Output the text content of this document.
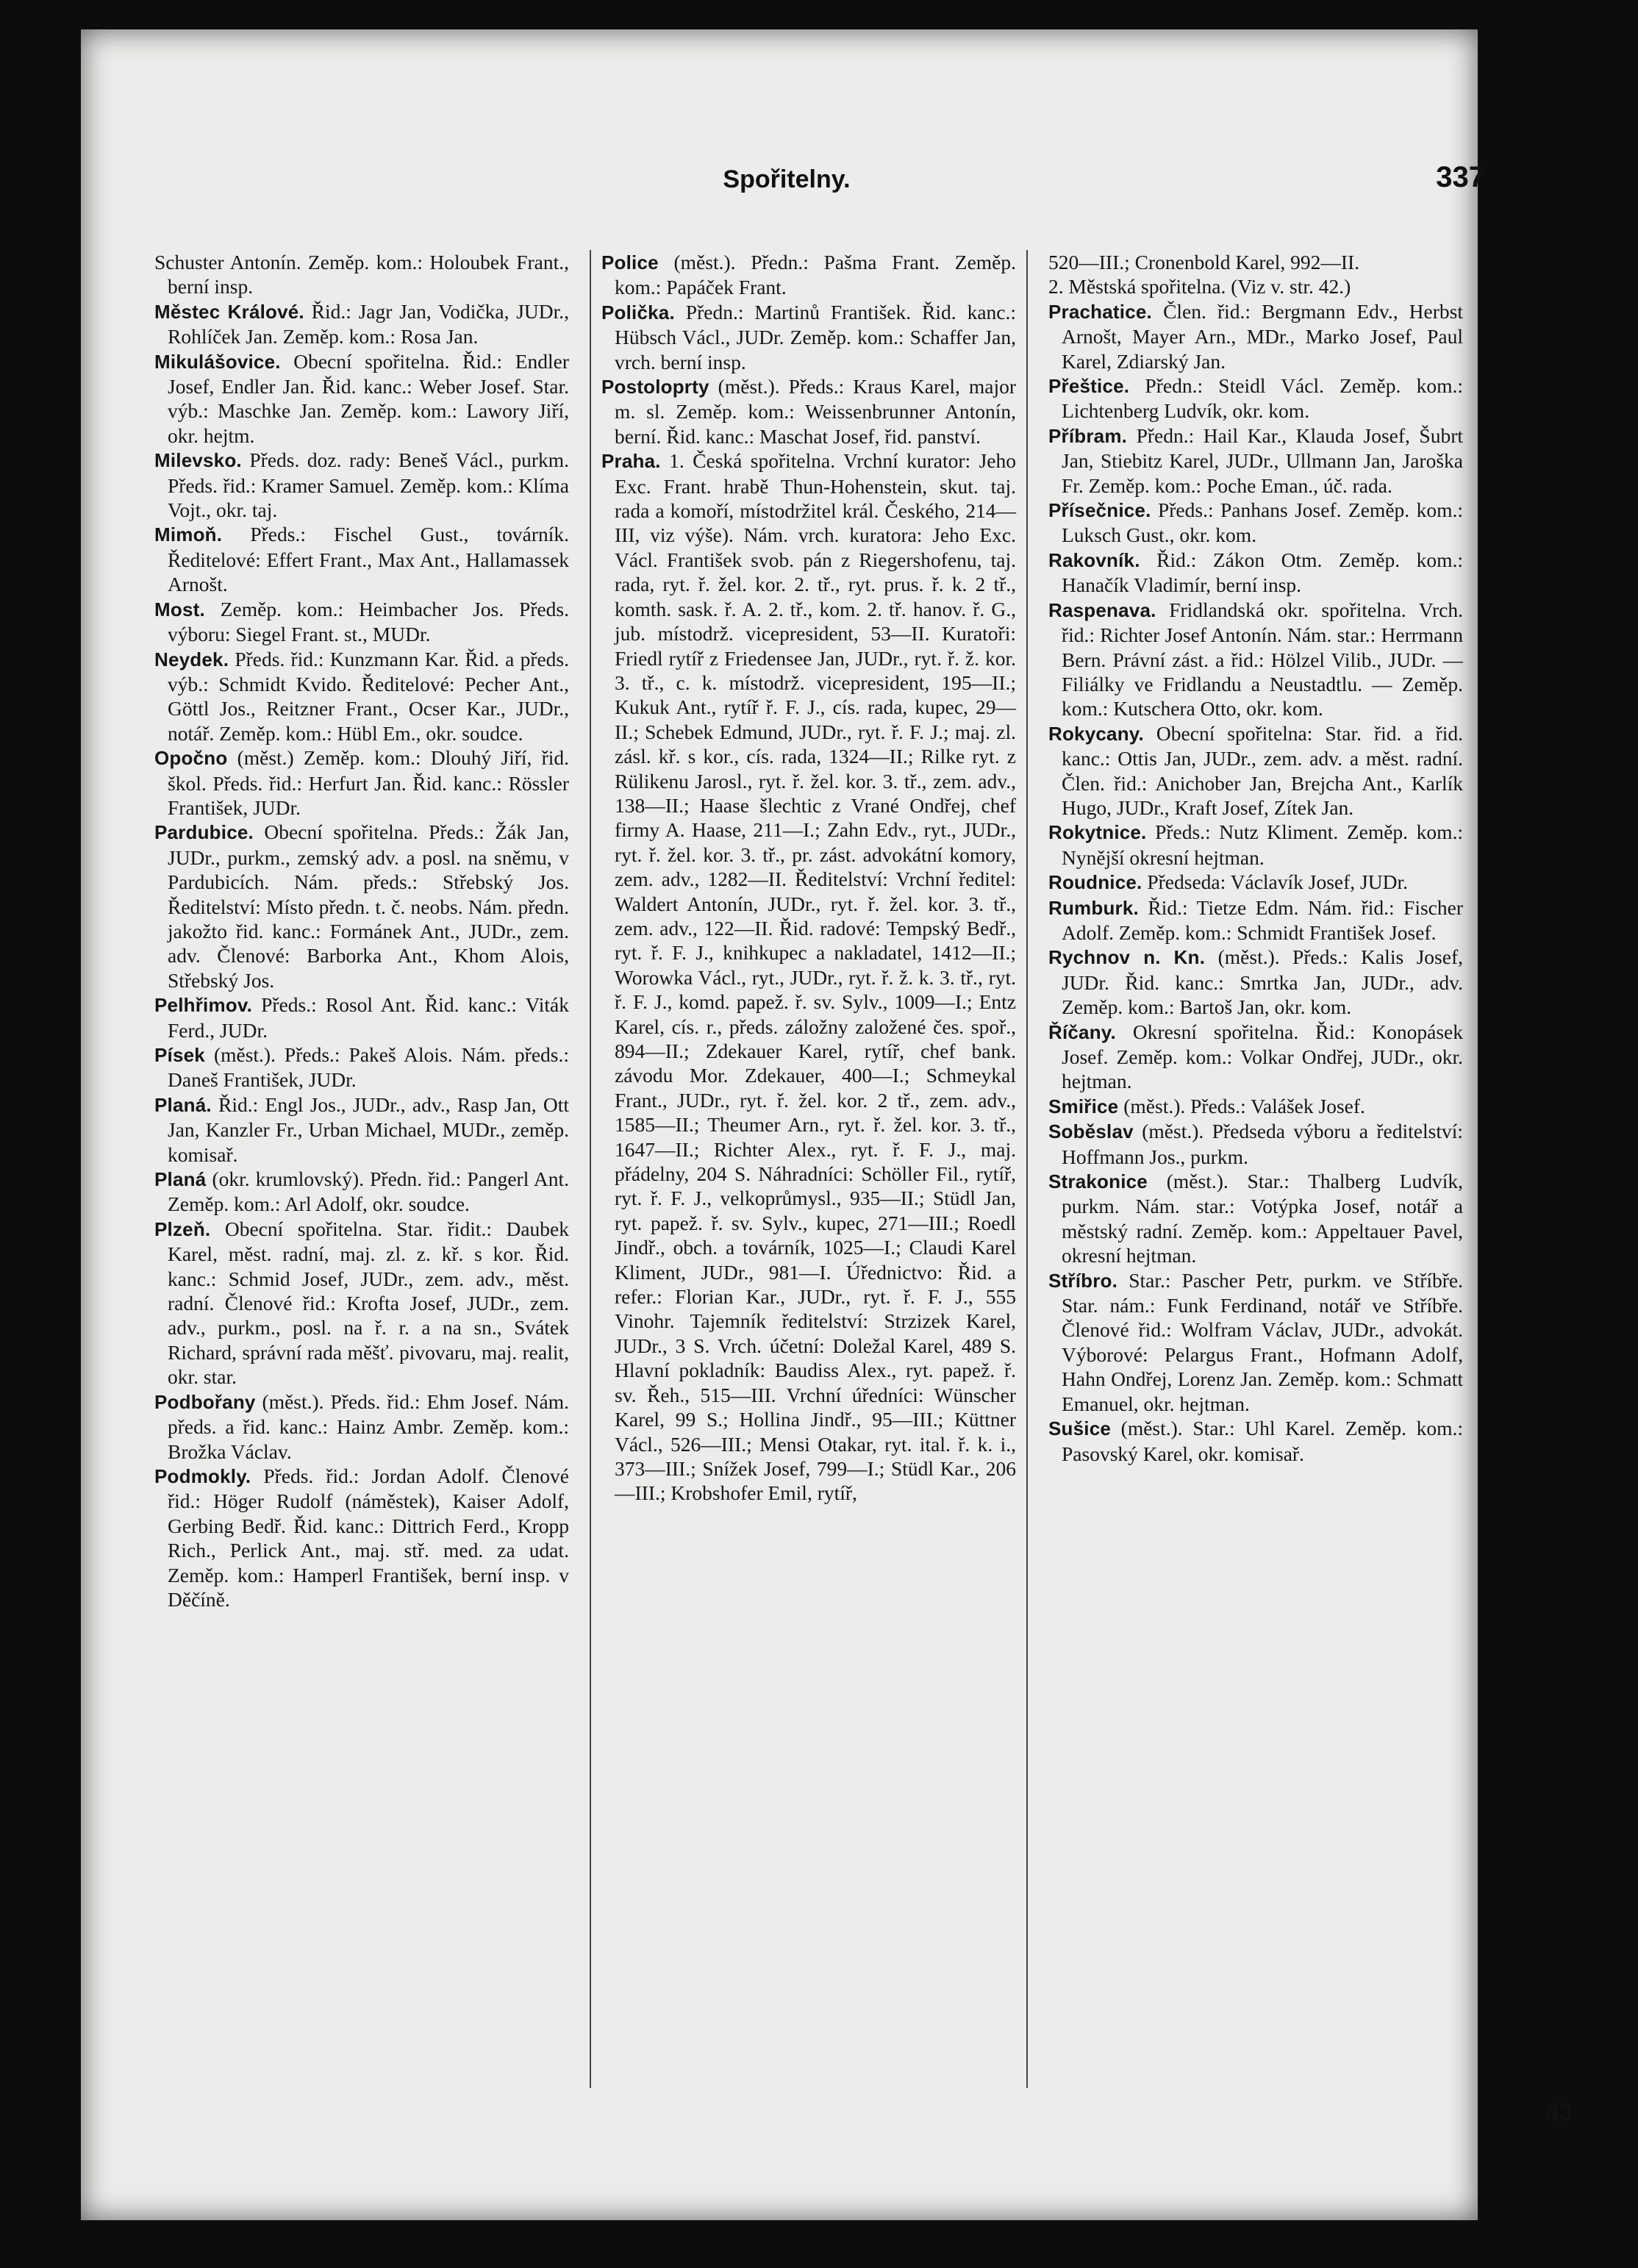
Spořitelny.	337

Schuster Antonín. Zeměp. kom.: Holoubek Frant., berní insp.

Městec Králové. Řid.: Jagr Jan, Vodička, JUDr., Rohlíček Jan. Zeměp. kom.: Rosa Jan.

Mikulášovice. Obecní spořitelna. Řid.: Endler Josef, Endler Jan. Řid. kanc.: Weber Josef. Star. výb.: Maschke Jan. Zeměp. kom.: Lawory Jiří, okr. hejtm.

Milevsko. Předs. doz. rady: Beneš Václ., purkm. Předs. řid.: Kramer Samuel. Zeměp. kom.: Klíma Vojt., okr. taj.

Mimoň. Předs.: Fischel Gust., továrník. Ředitelové: Effert Frant., Max Ant., Hallamassek Arnošt.

Most. Zeměp. kom.: Heimbacher Jos. Předs. výboru: Siegel Frant. st., MUDr.

Neydek. Předs. řid.: Kunzmann Kar. Řid. a předs. výb.: Schmidt Kvido. Ředitelové: Pecher Ant., Göttl Jos., Reitzner Frant., Ocser Kar., JUDr., notář. Zeměp. kom.: Hübl Em., okr. soudce.

Opočno (měst.) Zeměp. kom.: Dlouhý Jiří, řid. škol. Předs. řid.: Herfurt Jan. Řid. kanc.: Rössler František, JUDr.

Pardubice. Obecní spořitelna. Předs.: Žák Jan, JUDr., purkm., zemský adv. a posl. na sněmu, v Pardubicích. Nám. předs.: Střebský Jos. Ředitelství: Místo předn. t. č. neobs. Nám. předn. jakožto řid. kanc.: Formánek Ant., JUDr., zem. adv. Členové: Barborka Ant., Khom Alois, Střebský Jos.

Pelhřimov. Předs.: Rosol Ant. Řid. kanc.: Viták Ferd., JUDr.

Písek (měst.). Předs.: Pakeš Alois. Nám. předs.: Daneš František, JUDr.

Planá. Řid.: Engl Jos., JUDr., adv., Rasp Jan, Ott Jan, Kanzler Fr., Urban Michael, MUDr., zeměp. komisař.

Planá (okr. krumlovský). Předn. řid.: Pangerl Ant. Zeměp. kom.: Arl Adolf, okr. soudce.

Plzeň. Obecní spořitelna. Star. řidit.: Daubek Karel, měst. radní, maj. zl. z. kř. s kor. Řid. kanc.: Schmid Josef, JUDr., zem. adv., měst. radní. Členové řid.: Krofta Josef, JUDr., zem. adv., purkm., posl. na ř. r. a na sn., Svátek Richard, správní rada měšť. pivovaru, maj. realit, okr. star.

Podbořany (měst.). Předs. řid.: Ehm Josef. Nám. předs. a řid. kanc.: Hainz Ambr. Zeměp. kom.: Brožka Václav.

Podmokly. Předs. řid.: Jordan Adolf. Členové řid.: Höger Rudolf (náměstek), Kaiser Adolf, Gerbing Bedř. Řid. kanc.: Dittrich Ferd., Kropp Rich., Perlick Ant., maj. stř. med. za udat. Zeměp. kom.: Hamperl František, berní insp. v Děčíně.

Police (měst.). Předn.: Pašma Frant. Zeměp. kom.: Papáček Frant.

Polička. Předn.: Martinů František. Řid. kanc.: Hübsch Václ., JUDr. Zeměp. kom.: Schaffer Jan, vrch. berní insp.

Postoloprty (měst.). Předs.: Kraus Karel, major m. sl. Zeměp. kom.: Weissenbrunner Antonín, berní. Řid. kanc.: Maschat Josef, řid. panství.

Praha. 1. Česká spořitelna. Vrchní kurator: Jeho Exc. Frant. hrabě Thun-Hohenstein, skut. taj. rada a komoří, místodržitel král. Českého, 214—III, viz výše). Nám. vrch. kuratora: Jeho Exc. Václ. František svob. pán z Riegershofenu, taj. rada, ryt. ř. žel. kor. 2. tř., ryt. prus. ř. k. 2 tř., komth. sask. ř. A. 2. tř., kom. 2. tř. hanov. ř. G., jub. místodrž. vicepresident, 53—II. Kuratoři: Friedl rytíř z Friedensee Jan, JUDr., ryt. ř. ž. kor. 3. tř., c. k. místodrž. vicepresident, 195—II.; Kukuk Ant., rytíř ř. F. J., cís. rada, kupec, 29—II.; Schebek Edmund, JUDr., ryt. ř. F. J.; maj. zl. zásl. kř. s kor., cís. rada, 1324—II.; Rilke ryt. z Rülikenu Jarosl., ryt. ř. žel. kor. 3. tř., zem. adv., 138—II.; Haase šlechtic z Vrané Ondřej, chef firmy A. Haase, 211—I.; Zahn Edv., ryt., JUDr., ryt. ř. žel. kor. 3. tř., pr. zást. advokátní komory, zem. adv., 1282—II. Ředitelství: Vrchní ředitel: Waldert Antonín, JUDr., ryt. ř. žel. kor. 3. tř., zem. adv., 122—II. Řid. radové: Tempský Bedř., ryt. ř. F. J., knihkupec a nakladatel, 1412—II.; Worowka Václ., ryt., JUDr., ryt. ř. ž. k. 3. tř., ryt. ř. F. J., komd. papež. ř. sv. Sylv., 1009—I.; Entz Karel, cís. r., předs. záložny založené čes. spoř., 894—II.; Zdekauer Karel, rytíř, chef bank. závodu Mor. Zdekauer, 400—I.; Schmeykal Frant., JUDr., ryt. ř. žel. kor. 2 tř., zem. adv., 1585—II.; Theumer Arn., ryt. ř. žel. kor. 3. tř., 1647—II.; Richter Alex., ryt. ř. F. J., maj. přádelny, 204 S. Náhradníci: Schöller Fil., rytíř, ryt. ř. F. J., velkoprůmysl., 935—II.; Stüdl Jan, ryt. papež. ř. sv. Sylv., kupec, 271—III.; Roedl Jindř., obch. a továrník, 1025—I.; Claudi Karel Kliment, JUDr., 981—I. Úřednictvo: Řid. a refer.: Florian Kar., JUDr., ryt. ř. F. J., 555 Vinohr. Tajemník ředitelství: Strzizek Karel, JUDr., 3 S. Vrch. účetní: Doležal Karel, 489 S. Hlavní pokladník: Baudiss Alex., ryt. papež. ř. sv. Řeh., 515—III. Vrchní úředníci: Wünscher Karel, 99 S.; Hollina Jindř., 95—III.; Küttner Václ., 526—III.; Mensi Otakar, ryt. ital. ř. k. i., 373—III.; Snížek Josef, 799—I.; Stüdl Kar., 206—III.; Krobshofer Emil, rytíř,

520—III.; Cronenbold Karel, 992—II.

2. Městská spořitelna. (Viz v. str. 42.)

Prachatice. Člen. řid.: Bergmann Edv., Herbst Arnošt, Mayer Arn., MDr., Marko Josef, Paul Karel, Zdiarský Jan.

Přeštice. Předn.: Steidl Václ. Zeměp. kom.: Lichtenberg Ludvík, okr. kom.

Příbram. Předn.: Hail Kar., Klauda Josef, Šubrt Jan, Stiebitz Karel, JUDr., Ullmann Jan, Jaroška Fr. Zeměp. kom.: Poche Eman., úč. rada.

Přísečnice. Předs.: Panhans Josef. Zeměp. kom.: Luksch Gust., okr. kom.

Rakovník. Řid.: Zákon Otm. Zeměp. kom.: Hanačík Vladimír, berní insp.

Raspenava. Fridlandská okr. spořitelna. Vrch. řid.: Richter Josef Antonín. Nám. star.: Herrmann Bern. Právní zást. a řid.: Hölzel Vilib., JUDr. — Filiálky ve Fridlandu a Neustadtlu. — Zeměp. kom.: Kutschera Otto, okr. kom.

Rokycany. Obecní spořitelna: Star. řid. a řid. kanc.: Ottis Jan, JUDr., zem. adv. a měst. radní. Člen. řid.: Anichober Jan, Brejcha Ant., Karlík Hugo, JUDr., Kraft Josef, Zítek Jan.

Rokytnice. Předs.: Nutz Kliment. Zeměp. kom.: Nynější okresní hejtman.

Roudnice. Předseda: Václavík Josef, JUDr.

Rumburk. Řid.: Tietze Edm. Nám. řid.: Fischer Adolf. Zeměp. kom.: Schmidt František Josef.

Rychnov n. Kn. (měst.). Předs.: Kalis Josef, JUDr. Řid. kanc.: Smrtka Jan, JUDr., adv. Zeměp. kom.: Bartoš Jan, okr. kom.

Říčany. Okresní spořitelna. Řid.: Konopásek Josef. Zeměp. kom.: Volkar Ondřej, JUDr., okr. hejtman.

Smiřice (měst.). Předs.: Valášek Josef.

Soběslav (měst.). Předseda výboru a ředitelství: Hoffmann Jos., purkm.

Strakonice (měst.). Star.: Thalberg Ludvík, purkm. Nám. star.: Votýpka Josef, notář a městský radní. Zeměp. kom.: Appeltauer Pavel, okresní hejtman.

Stříbro. Star.: Pascher Petr, purkm. ve Stříbře. Star. nám.: Funk Ferdinand, notář ve Stříbře. Členové řid.: Wolfram Václav, JUDr., advokát. Výborové: Pelargus Frant., Hofmann Adolf, Hahn Ondřej, Lorenz Jan. Zeměp. kom.: Schmatt Emanuel, okr. hejtman.

Sušice (měst.). Star.: Uhl Karel. Zeměp. kom.: Pasovský Karel, okr. komisař.

43
